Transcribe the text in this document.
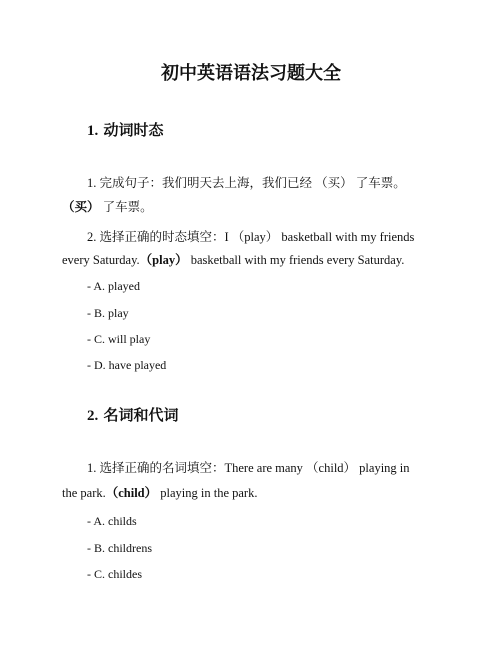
初中英语语法习题大全
1. 动词时态
1. 完成句子：我们明天去上海，我们已经 （买） 了车票。
（买） 了车票。
2. 选择正确的时态填空：I （play） basketball with my friends
every Saturday.（play） basketball with my friends every Saturday.
- A. played
- B. play
- C. will play
- D. have played
2. 名词和代词
1. 选择正确的名词填空：There are many （child） playing in
the park.（child） playing in the park.
- A. childs
- B. childrens
- C. childes
